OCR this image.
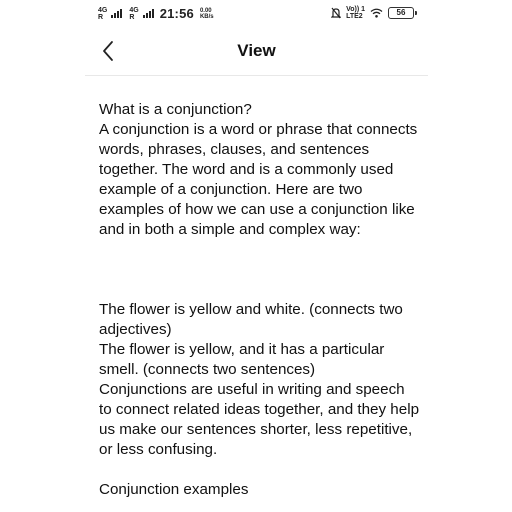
4G
R
4G
R	21:56 0.00
KB/s
Vo)) 1
LTE2	56
View
What is a conjunction?
A conjunction is a word or phrase that connects words, phrases, clauses, and sentences together. The word and is a commonly used example of a conjunction. Here are two examples of how we can use a conjunction like and in both a simple and complex way:
The flower is yellow and white. (connects two adjectives)
The flower is yellow, and it has a particular smell. (connects two sentences)
Conjunctions are useful in writing and speech to connect related ideas together, and they help us make our sentences shorter, less repetitive, or less confusing.
Conjunction examples
